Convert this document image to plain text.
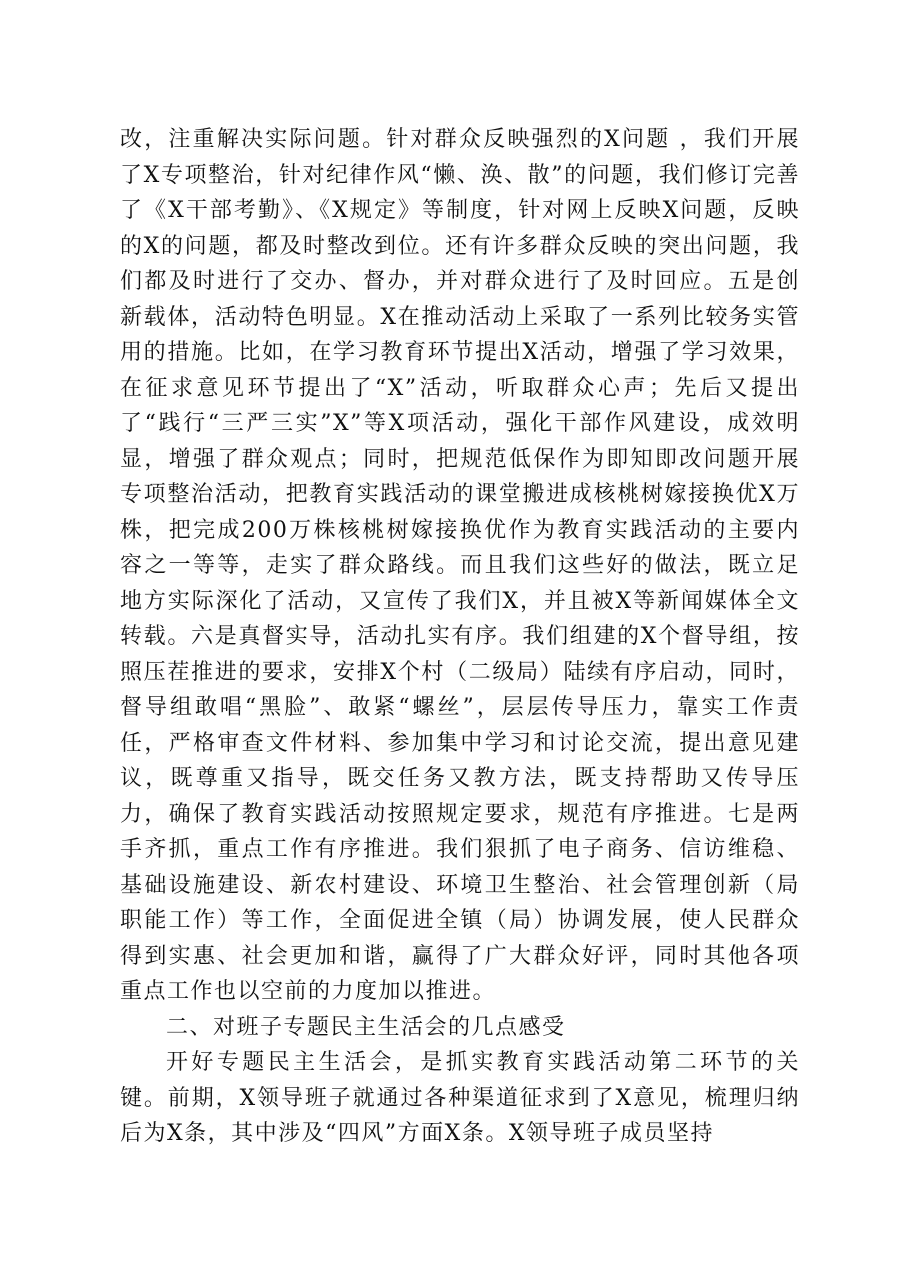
改，注重解决实际问题。针对群众反映强烈的X问题 ，我们开展了X专项整治，针对纪律作风“懒、涣、散”的问题，我们修订完善了《X干部考勤》、《X规定》等制度，针对网上反映X问题，反映的X的问题，都及时整改到位。还有许多群众反映的突出问题，我们都及时进行了交办、督办，并对群众进行了及时回应。五是创新载体，活动特色明显。X在推动活动上采取了一系列比较务实管用的措施。比如，在学习教育环节提出X活动，增强了学习效果，在征求意见环节提出了“X”活动，听取群众心声；先后又提出了“践行“三严三实”X”等X项活动，强化干部作风建设，成效明显，增强了群众观点；同时，把规范低保作为即知即改问题开展专项整治活动，把教育实践活动的课堂搬进成核桃树嫁接换优X万株，把完成200万株核桃树嫁接换优作为教育实践活动的主要内容之一等等，走实了群众路线。而且我们这些好的做法，既立足地方实际深化了活动，又宣传了我们X，并且被X等新闻媒体全文转载。六是真督实导，活动扎实有序。我们组建的X个督导组，按照压茬推进的要求，安排X个村（二级局）陆续有序启动，同时，督导组敢唱“黑脸”、敢紧“螺丝”，层层传导压力，靠实工作责任，严格审查文件材料、参加集中学习和讨论交流，提出意见建议，既尊重又指导，既交任务又教方法，既支持帮助又传导压力，确保了教育实践活动按照规定要求，规范有序推进。七是两手齐抓，重点工作有序推进。我们狠抓了电子商务、信访维稳、基础设施建设、新农村建设、环境卫生整治、社会管理创新（局职能工作）等工作，全面促进全镇（局）协调发展，使人民群众得到实惠、社会更加和谐，赢得了广大群众好评，同时其他各项重点工作也以空前的力度加以推进。

二、对班子专题民主生活会的几点感受

开好专题民主生活会，是抓实教育实践活动第二环节的关键。前期，X领导班子就通过各种渠道征求到了X意见，梳理归纳后为X条，其中涉及“四风”方面X条。X领导班子成员坚持
